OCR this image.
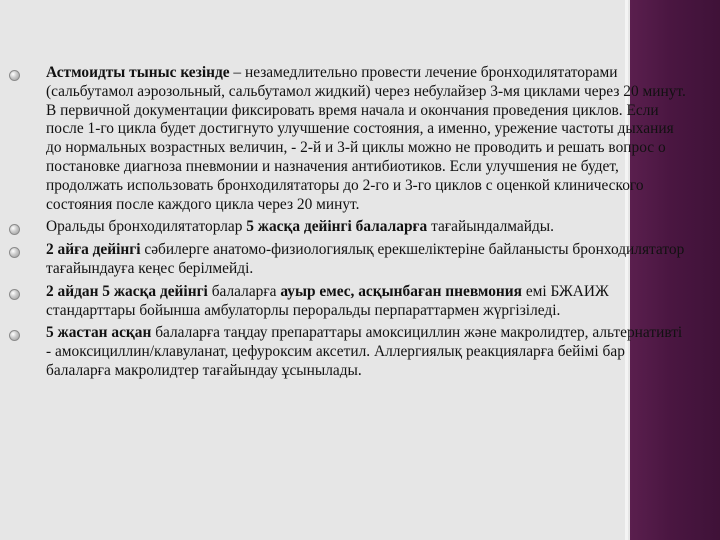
Астмоидты тыныс кезінде – незамедлительно провести лечение бронходилятаторами (сальбутамол аэрозольный, сальбутамол жидкий) через небулайзер 3-мя циклами через 20 минут. В первичной документации фиксировать время начала и окончания проведения циклов. Если после 1-го цикла будет достигнуто улучшение состояния, а именно, урежение частоты дыхания до нормальных возрастных величин, - 2-й и 3-й циклы можно не проводить и решать вопрос о постановке диагноза пневмонии и назначения антибиотиков. Если улучшения не будет, продолжать использовать бронходилятаторы до 2-го и 3-го циклов с оценкой клинического состояния после каждого цикла через 20 минут.
Оральды бронходилятаторлар 5 жасқа дейінгі балаларға тағайындалмайды.
2 айға дейінгі сәбилерге анатомо-физиологиялық ерекшеліктеріне байланысты бронходилятатор тағайындауға кеңес берілмейді.
2 айдан 5 жасқа дейінгі балаларға ауыр емес, асқынбаған пневмония емі БЖАИЖ стандарттары бойынша амбулаторлы пероральды перпараттармен жүргізіледі.
5 жастан асқан балаларға таңдау препараттары амоксициллин және макролидтер, альтернативті - амоксициллин/клавуланат, цефуроксим аксетил. Аллергиялық реакцияларға бейімі бар балаларға макролидтер тағайындау ұсынылады.
